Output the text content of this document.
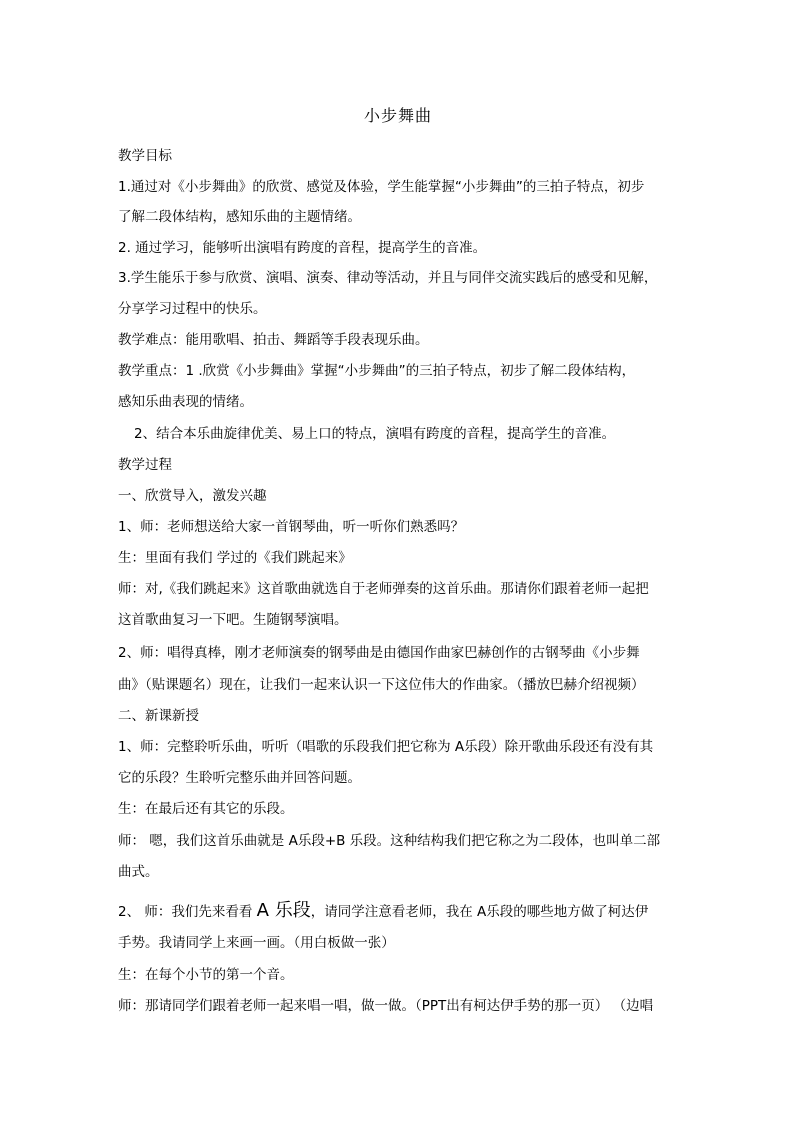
小步舞曲
教学目标
1.通过对《小步舞曲》的欣赏、感觉及体验，学生能掌握“小步舞曲”的三拍子特点，初步
了解二段体结构，感知乐曲的主题情绪。
2. 通过学习，能够听出演唱有跨度的音程，提高学生的音准。
3.学生能乐于参与欣赏、演唱、演奏、律动等活动，并且与同伴交流实践后的感受和见解，
分享学习过程中的快乐。
教学难点：能用歌唱、拍击、舞蹈等手段表现乐曲。
教学重点：1 .欣赏《小步舞曲》掌握“小步舞曲”的三拍子特点，初步了解二段体结构，
感知乐曲表现的情绪。
2、结合本乐曲旋律优美、易上口的特点，演唱有跨度的音程，提高学生的音准。
教学过程
一、欣赏导入，激发兴趣
1、师：老师想送给大家一首钢琴曲，听一听你们熟悉吗？
生：里面有我们 学过的《我们跳起来》
师：对,《我们跳起来》这首歌曲就选自于老师弹奏的这首乐曲。那请你们跟着老师一起把
这首歌曲复习一下吧。生随钢琴演唱。
2、师：唱得真棒，刚才老师演奏的钢琴曲是由德国作曲家巴赫创作的古钢琴曲《小步舞
曲》（贴课题名）现在，让我们一起来认识一下这位伟大的作曲家。（播放巴赫介绍视频）
二、新课新授
1、师：完整聆听乐曲，听听（唱歌的乐段我们把它称为 A乐段）除开歌曲乐段还有没有其
它的乐段？生聆听完整乐曲并回答问题。
生：在最后还有其它的乐段。
师： 嗯，我们这首乐曲就是 A乐段+B 乐段。这种结构我们把它称之为二段体，也叫单二部
曲式。
2、 师：我们先来看看 A 乐段，请同学注意看老师，我在 A乐段的哪些地方做了柯达伊
手势。我请同学上来画一画。（用白板做一张）
生：在每个小节的第一个音。
师：那请同学们跟着老师一起来唱一唱，做一做。（PPT出有柯达伊手势的那一页） （边唱
